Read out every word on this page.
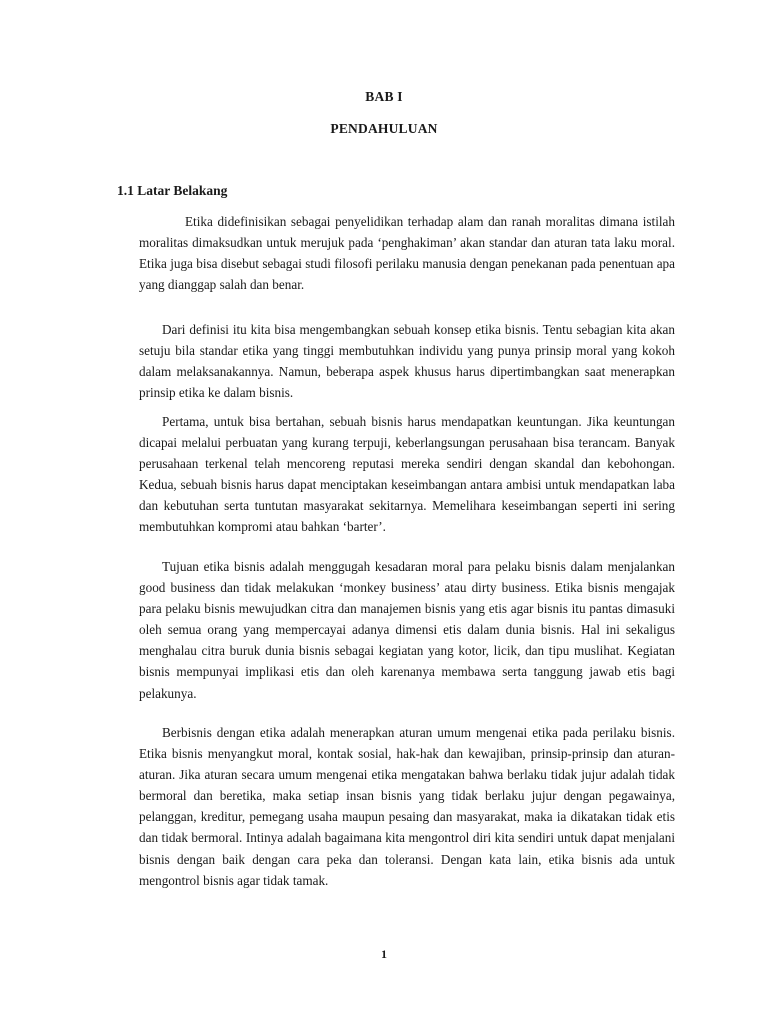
BAB I
PENDAHULUAN
1.1 Latar Belakang

Etika didefinisikan sebagai penyelidikan terhadap alam dan ranah moralitas dimana istilah moralitas dimaksudkan untuk merujuk pada ‘penghakiman’ akan standar dan aturan tata laku moral. Etika juga bisa disebut sebagai studi filosofi perilaku manusia dengan penekanan pada penentuan apa yang dianggap salah dan benar.

Dari definisi itu kita bisa mengembangkan sebuah konsep etika bisnis. Tentu sebagian kita akan setuju bila standar etika yang tinggi membutuhkan individu yang punya prinsip moral yang kokoh dalam melaksanakannya. Namun, beberapa aspek khusus harus dipertimbangkan saat menerapkan prinsip etika ke dalam bisnis.

Pertama, untuk bisa bertahan, sebuah bisnis harus mendapatkan keuntungan. Jika keuntungan dicapai melalui perbuatan yang kurang terpuji, keberlangsungan perusahaan bisa terancam. Banyak perusahaan terkenal telah mencoreng reputasi mereka sendiri dengan skandal dan kebohongan. Kedua, sebuah bisnis harus dapat menciptakan keseimbangan antara ambisi untuk mendapatkan laba dan kebutuhan serta tuntutan masyarakat sekitarnya. Memelihara keseimbangan seperti ini sering membutuhkan kompromi atau bahkan ‘barter’.

Tujuan etika bisnis adalah menggugah kesadaran moral para pelaku bisnis dalam menjalankan good business dan tidak melakukan ‘monkey business’ atau dirty business. Etika bisnis mengajak para pelaku bisnis mewujudkan citra dan manajemen bisnis yang etis agar bisnis itu pantas dimasuki oleh semua orang yang mempercayai adanya dimensi etis dalam dunia bisnis. Hal ini sekaligus menghalau citra buruk dunia bisnis sebagai kegiatan yang kotor, licik, dan tipu muslihat. Kegiatan bisnis mempunyai implikasi etis dan oleh karenanya membawa serta tanggung jawab etis bagi pelakunya.

Berbisnis dengan etika adalah menerapkan aturan umum mengenai etika pada perilaku bisnis. Etika bisnis menyangkut moral, kontak sosial, hak-hak dan kewajiban, prinsip-prinsip dan aturan-aturan. Jika aturan secara umum mengenai etika mengatakan bahwa berlaku tidak jujur adalah tidak bermoral dan beretika, maka setiap insan bisnis yang tidak berlaku jujur dengan pegawainya, pelanggan, kreditur, pemegang usaha maupun pesaing dan masyarakat, maka ia dikatakan tidak etis dan tidak bermoral. Intinya adalah bagaimana kita mengontrol diri kita sendiri untuk dapat menjalani bisnis dengan baik dengan cara peka dan toleransi. Dengan kata lain, etika bisnis ada untuk mengontrol bisnis agar tidak tamak.

1
